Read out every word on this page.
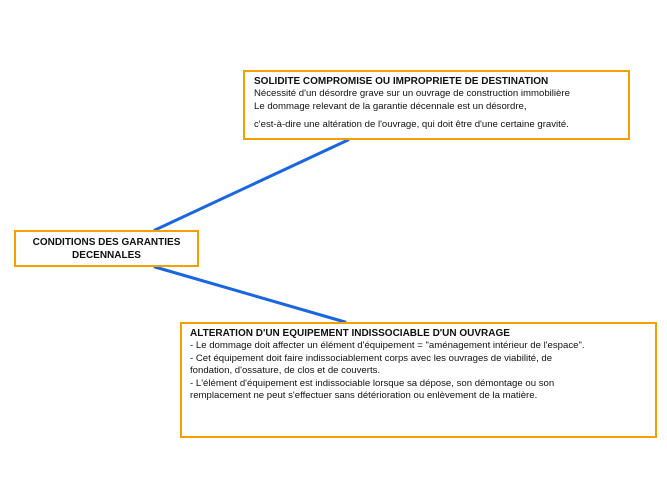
CONDITIONS DES GARANTIES
DECENNALES
SOLIDITE COMPROMISE OU IMPROPRIETE DE DESTINATION
Nécessité d'un désordre grave sur un ouvrage de construction immobilière
Le dommage relevant de la garantie décennale est un désordre,
c'est-à-dire une altération de l'ouvrage, qui doit être d'une certaine gravité.
ALTERATION D'UN EQUIPEMENT INDISSOCIABLE D'UN OUVRAGE
- Le dommage doit affecter un élément d'équipement = "aménagement intérieur de l'espace".
- Cet équipement doit faire indissociablement corps avec les ouvrages de viabilité, de
fondation, d'ossature, de clos et de couverts.
- L'élément d'équipement est indissociable lorsque sa dépose, son démontage ou son
remplacement ne peut s'effectuer sans détérioration ou enlèvement de la matière.
